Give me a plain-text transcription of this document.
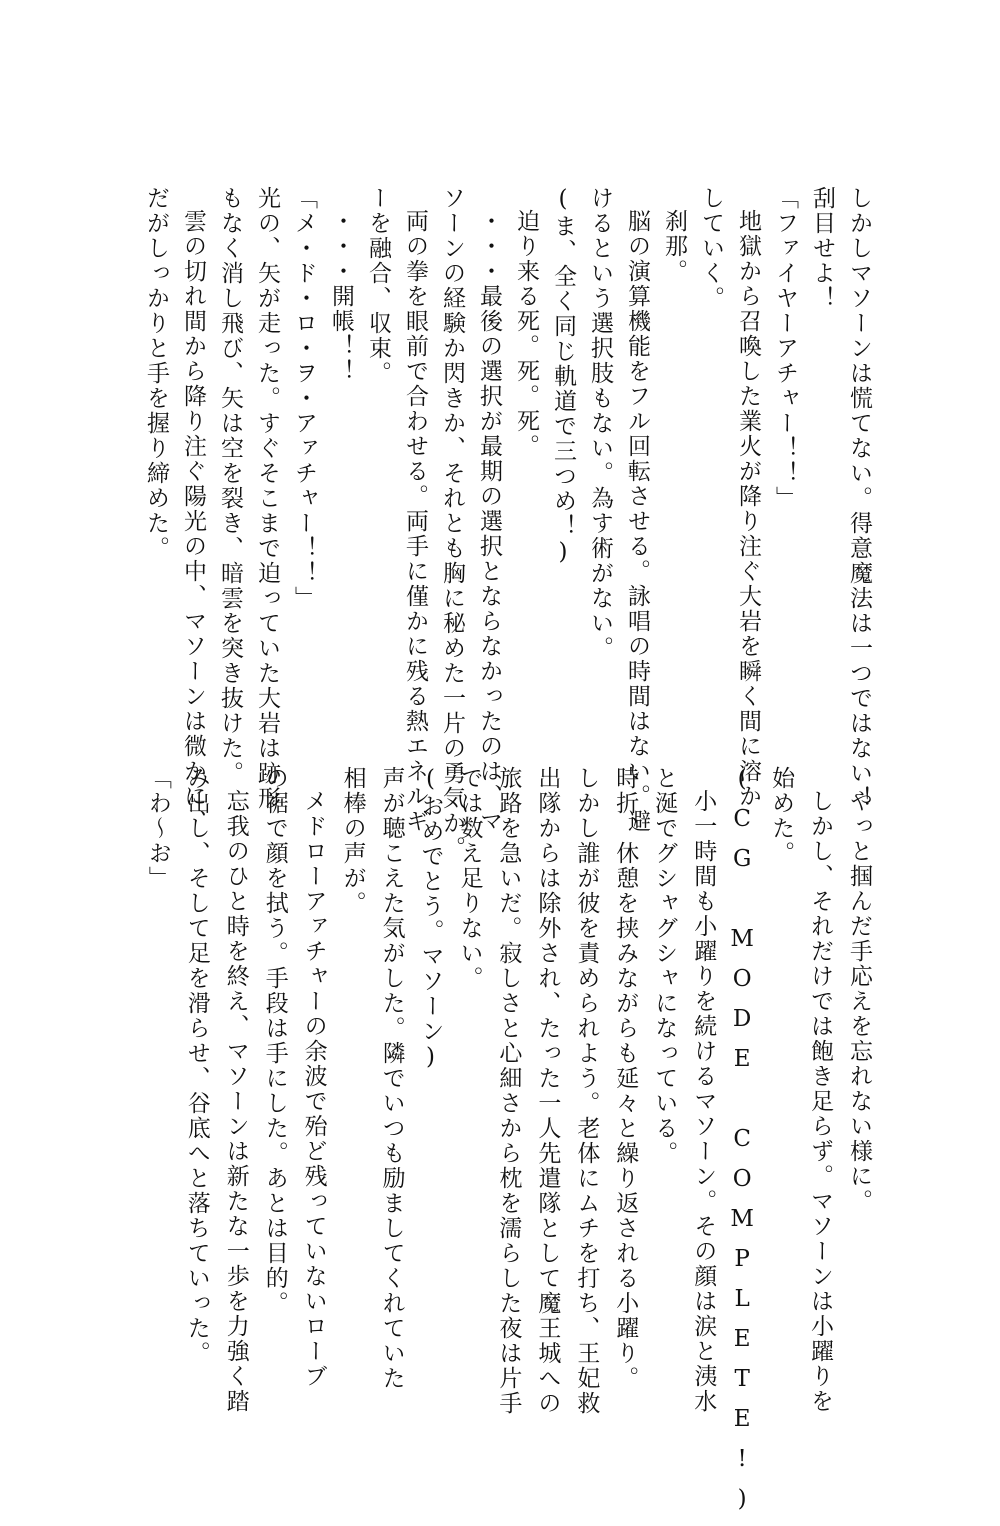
しかしマソーンは慌てない。得意魔法は一つではない！
刮目せよ！
「ファイヤーアチャー！！」
地獄から召喚した業火が降り注ぐ大岩を瞬く間に溶か
していく。
刹那。
脳の演算機能をフル回転させる。詠唱の時間はない。避
けるという選択肢もない。為す術がない。
(ま、全く同じ軌道で三つめ！)
迫り来る死。死。死。
・・・最後の選択が最期の選択とならなかったのは、マ
ソーンの経験か閃きか、それとも胸に秘めた一片の勇気か。
両の拳を眼前で合わせる。両手に僅かに残る熱エネルギ
ーを融合、収束。
・・・開帳！！
「メ・ド・ロ・ヲ・アァチャー！！」
光の、矢が走った。すぐそこまで迫っていた大岩は跡形
もなく消し飛び、矢は空を裂き、暗雲を突き抜けた。
雲の切れ間から降り注ぐ陽光の中、マソーンは微かに、
だがしっかりと手を握り締めた。
やっと掴んだ手応えを忘れない様に。
しかし、それだけでは飽き足らず。マソーンは小躍りを
始めた。
(CG MODE COMPLETE!)
小一時間も小躍りを続けるマソーン。その顔は涙と洟水
と涎でグシャグシャになっている。
時折、休憩を挟みながらも延々と繰り返される小躍り。
しかし誰が彼を責められよう。老体にムチを打ち、王妃救
出隊からは除外され、たった一人先遣隊として魔王城への
旅路を急いだ。寂しさと心細さから枕を濡らした夜は片手
では数え足りない。
(おめでとう。マソーン)
声が聴こえた気がした。隣でいつも励ましてくれていた
相棒の声が。
メドローアァチャーの余波で殆ど残っていないローブ
の裾で顔を拭う。手段は手にした。あとは目的。
忘我のひと時を終え、マソーンは新たな一歩を力強く踏
み出し、そして足を滑らせ、谷底へと落ちていった。
「わ～お」
